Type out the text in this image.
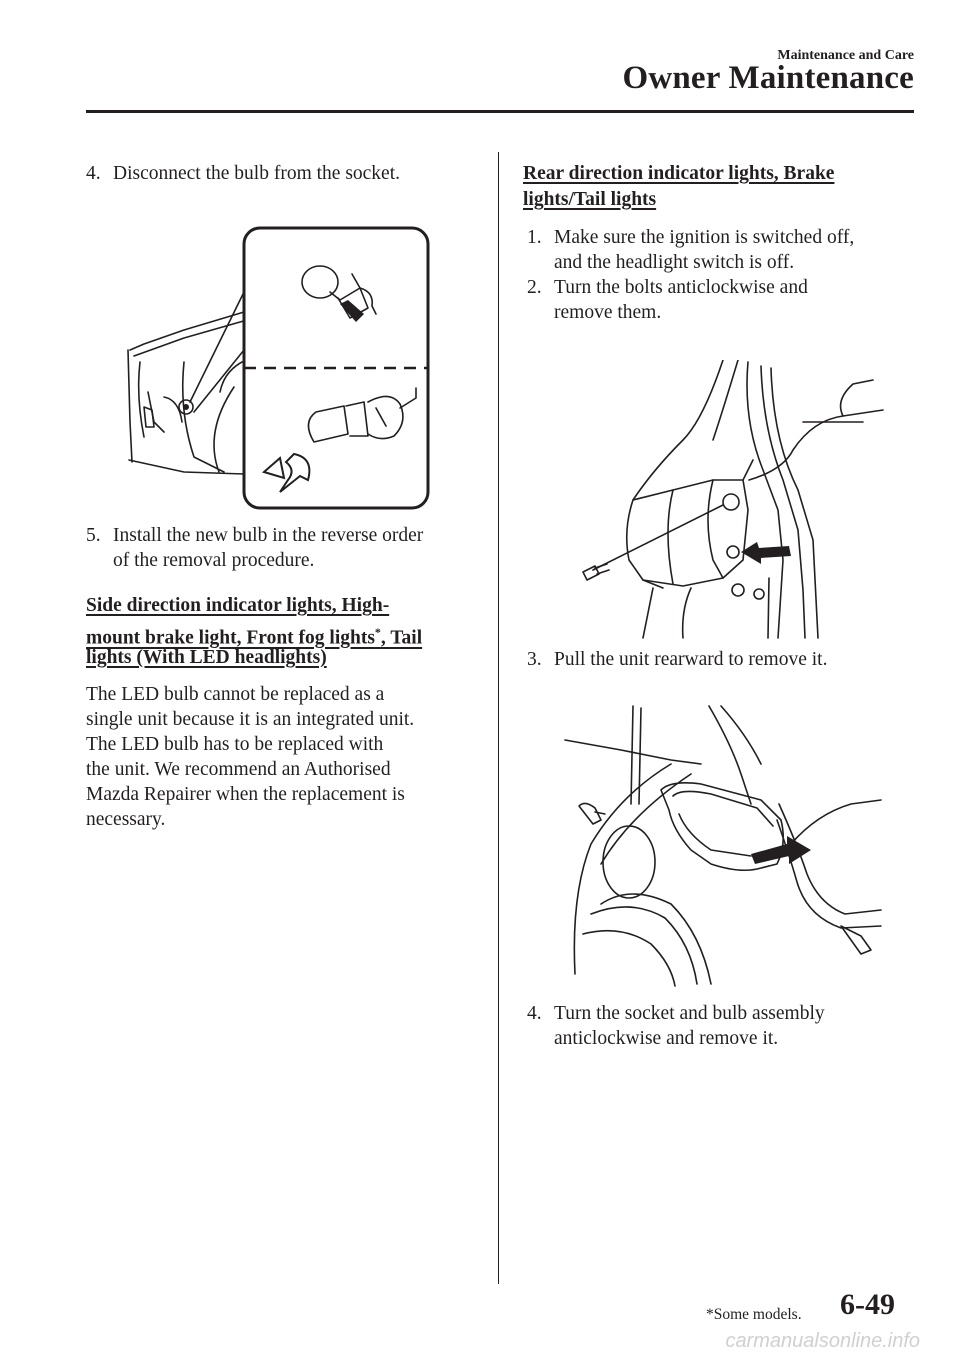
Maintenance and Care
Owner Maintenance
4. Disconnect the bulb from the socket.
5. Install the new bulb in the reverse order
of the removal procedure.
Side direction indicator lights, High-
mount brake light, Front fog lights*, Tail
lights (With LED headlights)
The LED bulb cannot be replaced as a
single unit because it is an integrated unit.
The LED bulb has to be replaced with
the unit. We recommend an Authorised
Mazda Repairer when the replacement is
necessary.
Rear direction indicator lights, Brake
lights/Tail lights
1. Make sure the ignition is switched off,
and the headlight switch is off.
2. Turn the bolts anticlockwise and
remove them.
3. Pull the unit rearward to remove it.
4. Turn the socket and bulb assembly
anticlockwise and remove it.
*Some models. 6-49
carmanualsonline.info
